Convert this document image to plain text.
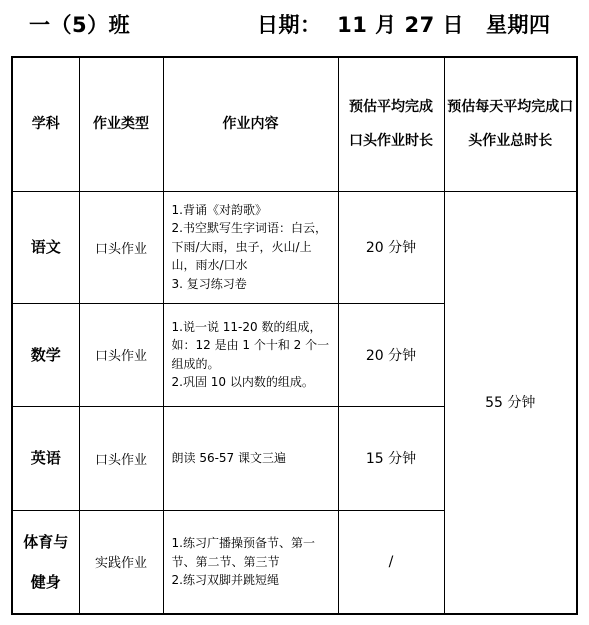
一（5）班	日期：  11 月 27 日 星期四
学科	作业类型	作业内容	预估平均完成口头作业时长	预估每天平均完成口头作业总时长
语文	口头作业	1.背诵《对韵歌》
2.书空默写生字词语：白云，下雨/大雨，虫子，火山/上山，雨水/口水
3. 复习练习卷	20 分钟	55 分钟
数学	口头作业	1.说一说 11-20 数的组成，如：12 是由 1 个十和 2 个一组成的。
2.巩固 10 以内数的组成。	20 分钟	
英语	口头作业	朗读 56-57 课文三遍	15 分钟	
体育与健身	实践作业	1.练习广播操预备节、第一节、第二节、第三节
2.练习双脚并跳短绳	/	
